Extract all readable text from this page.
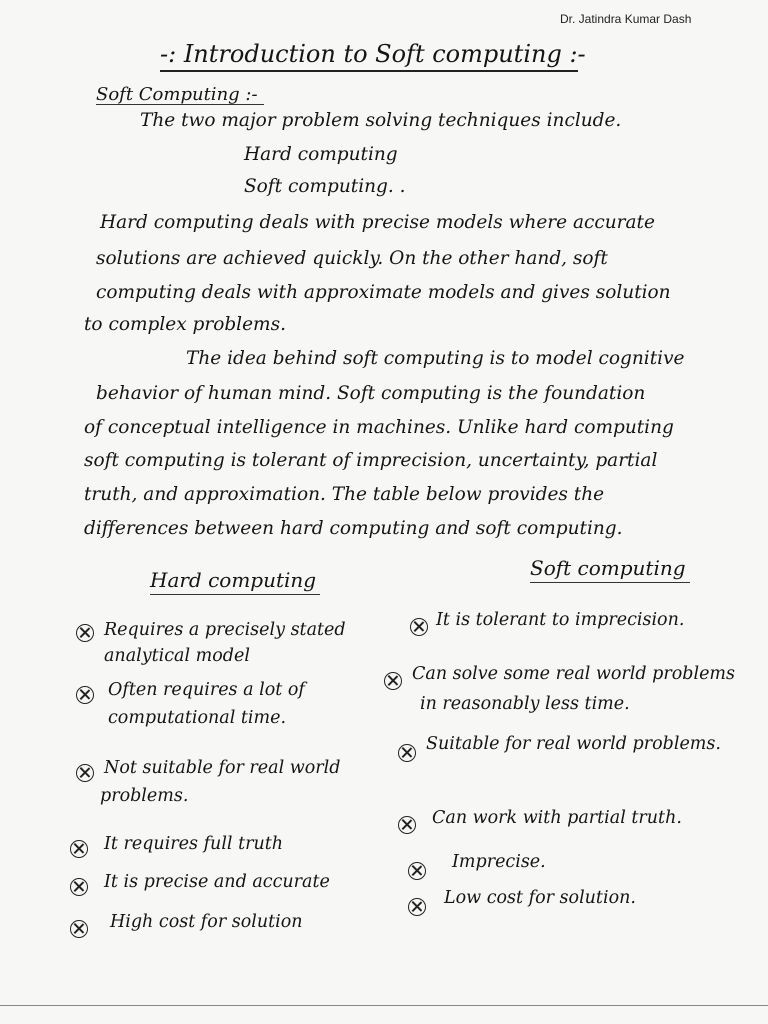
Dr. Jatindra Kumar Dash
-: Introduction to Soft computing :-
Soft Computing :-
The two major problem solving techniques include.
Hard computing
Soft computing. .
Hard computing deals with precise models where accurate
solutions are achieved quickly. On the other hand, soft
computing deals with approximate models and gives solution
to complex problems.
The idea behind soft computing is to model cognitive
behavior of human mind. Soft computing is the foundation
of conceptual intelligence in machines. Unlike hard computing
soft computing is tolerant of imprecision, uncertainty, partial
truth, and approximation. The table below provides the
differences between hard computing and soft computing.
Hard computing	Soft computing
Requires a precisely stated
analytical model
Often requires a lot of
computational time.
Not suitable for real world
problems.
It requires full truth
It is precise and accurate
High cost for solution
It is tolerant to imprecision.
Can solve some real world problems
in reasonably less time.
Suitable for real world problems.
Can work with partial truth.
Imprecise.
Low cost for solution.
